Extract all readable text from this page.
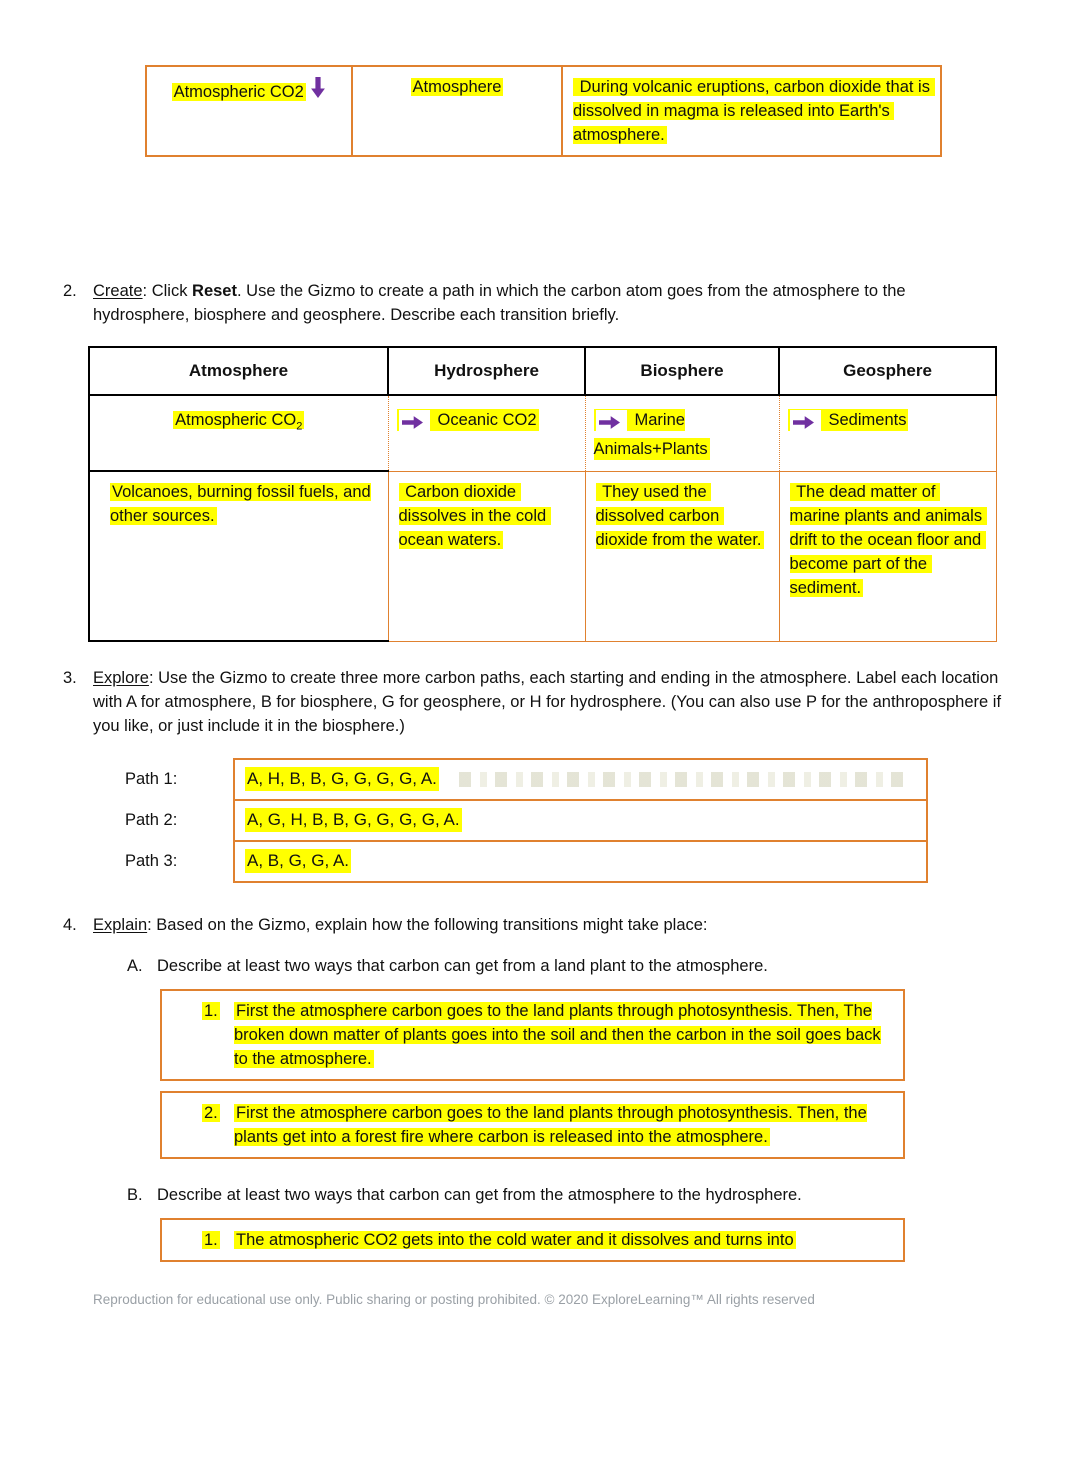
Atmospheric CO2	Atmosphere	During volcanic eruptions, carbon dioxide that is dissolved in magma is released into Earth's atmosphere.
2. Create: Click Reset. Use the Gizmo to create a path in which the carbon atom goes from the atmosphere to the hydrosphere, biosphere and geosphere. Describe each transition briefly.
Atmosphere	Hydrosphere	Biosphere	Geosphere
Atmospheric $CO_2$	Oceanic CO2	Marine Animals+Plants	Sediments
Volcanoes, burning fossil fuels, and other sources.	Carbon dioxide dissolves in the cold ocean waters.	They used the dissolved carbon dioxide from the water.	The dead matter of marine plants and animals drift to the ocean floor and become part of the sediment.
3. Explore: Use the Gizmo to create three more carbon paths, each starting and ending in the atmosphere. Label each location with A for atmosphere, B for biosphere, G for geosphere, or H for hydrosphere. (You can also use P for the anthroposphere if you like, or just include it in the biosphere.)
Path 1:	A, H, B, B, G, G, G, G, A.
Path 2:	A, G, H, B, B, G, G, G, G, A.
Path 3:	A, B, G, G, A.
4. Explain: Based on the Gizmo, explain how the following transitions might take place:
A. Describe at least two ways that carbon can get from a land plant to the atmosphere.
1.	First the atmosphere carbon goes to the land plants through photosynthesis. Then, The broken down matter of plants goes into the soil and then the carbon in the soil goes back to the atmosphere.
2.	First the atmosphere carbon goes to the land plants through photosynthesis. Then, the plants get into a forest fire where carbon is released into the atmosphere.
B. Describe at least two ways that carbon can get from the atmosphere to the hydrosphere.
1.	The atmospheric CO2 gets into the cold water and it dissolves and turns into
Reproduction for educational use only. Public sharing or posting prohibited. © 2020 ExploreLearning™ All rights reserved
